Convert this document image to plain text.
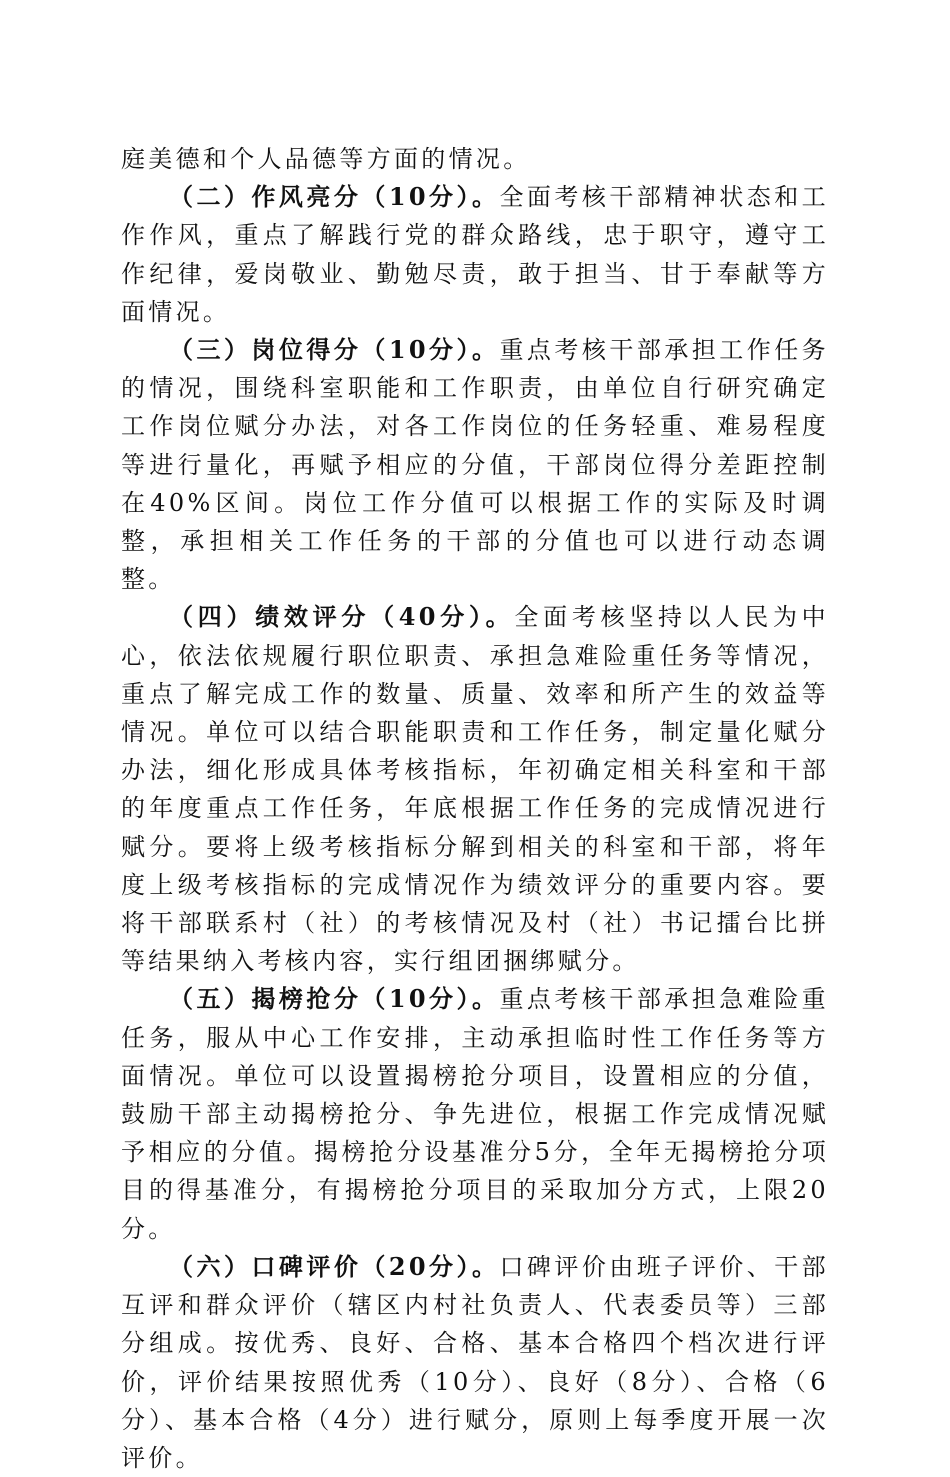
庭美德和个人品德等方面的情况。

（二）作风亮分（10分）。全面考核干部精神状态和工作作风，重点了解践行党的群众路线，忠于职守，遵守工作纪律，爱岗敬业、勤勉尽责，敢于担当、甘于奉献等方面情况。

（三）岗位得分（10分）。重点考核干部承担工作任务的情况，围绕科室职能和工作职责，由单位自行研究确定工作岗位赋分办法，对各工作岗位的任务轻重、难易程度等进行量化，再赋予相应的分值，干部岗位得分差距控制在40%区间。岗位工作分值可以根据工作的实际及时调整，承担相关工作任务的干部的分值也可以进行动态调整。

（四）绩效评分（40分）。全面考核坚持以人民为中心，依法依规履行职位职责、承担急难险重任务等情况，重点了解完成工作的数量、质量、效率和所产生的效益等情况。单位可以结合职能职责和工作任务，制定量化赋分办法，细化形成具体考核指标，年初确定相关科室和干部的年度重点工作任务，年底根据工作任务的完成情况进行赋分。要将上级考核指标分解到相关的科室和干部，将年度上级考核指标的完成情况作为绩效评分的重要内容。要将干部联系村（社）的考核情况及村（社）书记擂台比拼等结果纳入考核内容，实行组团捆绑赋分。

（五）揭榜抢分（10分）。重点考核干部承担急难险重任务，服从中心工作安排，主动承担临时性工作任务等方面情况。单位可以设置揭榜抢分项目，设置相应的分值，鼓励干部主动揭榜抢分、争先进位，根据工作完成情况赋予相应的分值。揭榜抢分设基准分5分，全年无揭榜抢分项目的得基准分，有揭榜抢分项目的采取加分方式，上限20分。

（六）口碑评价（20分）。口碑评价由班子评价、干部互评和群众评价（辖区内村社负责人、代表委员等）三部分组成。按优秀、良好、合格、基本合格四个档次进行评价，评价结果按照优秀（10分）、良好（8分）、合格（6分）、基本合格（4分）进行赋分，原则上每季度开展一次评价。
